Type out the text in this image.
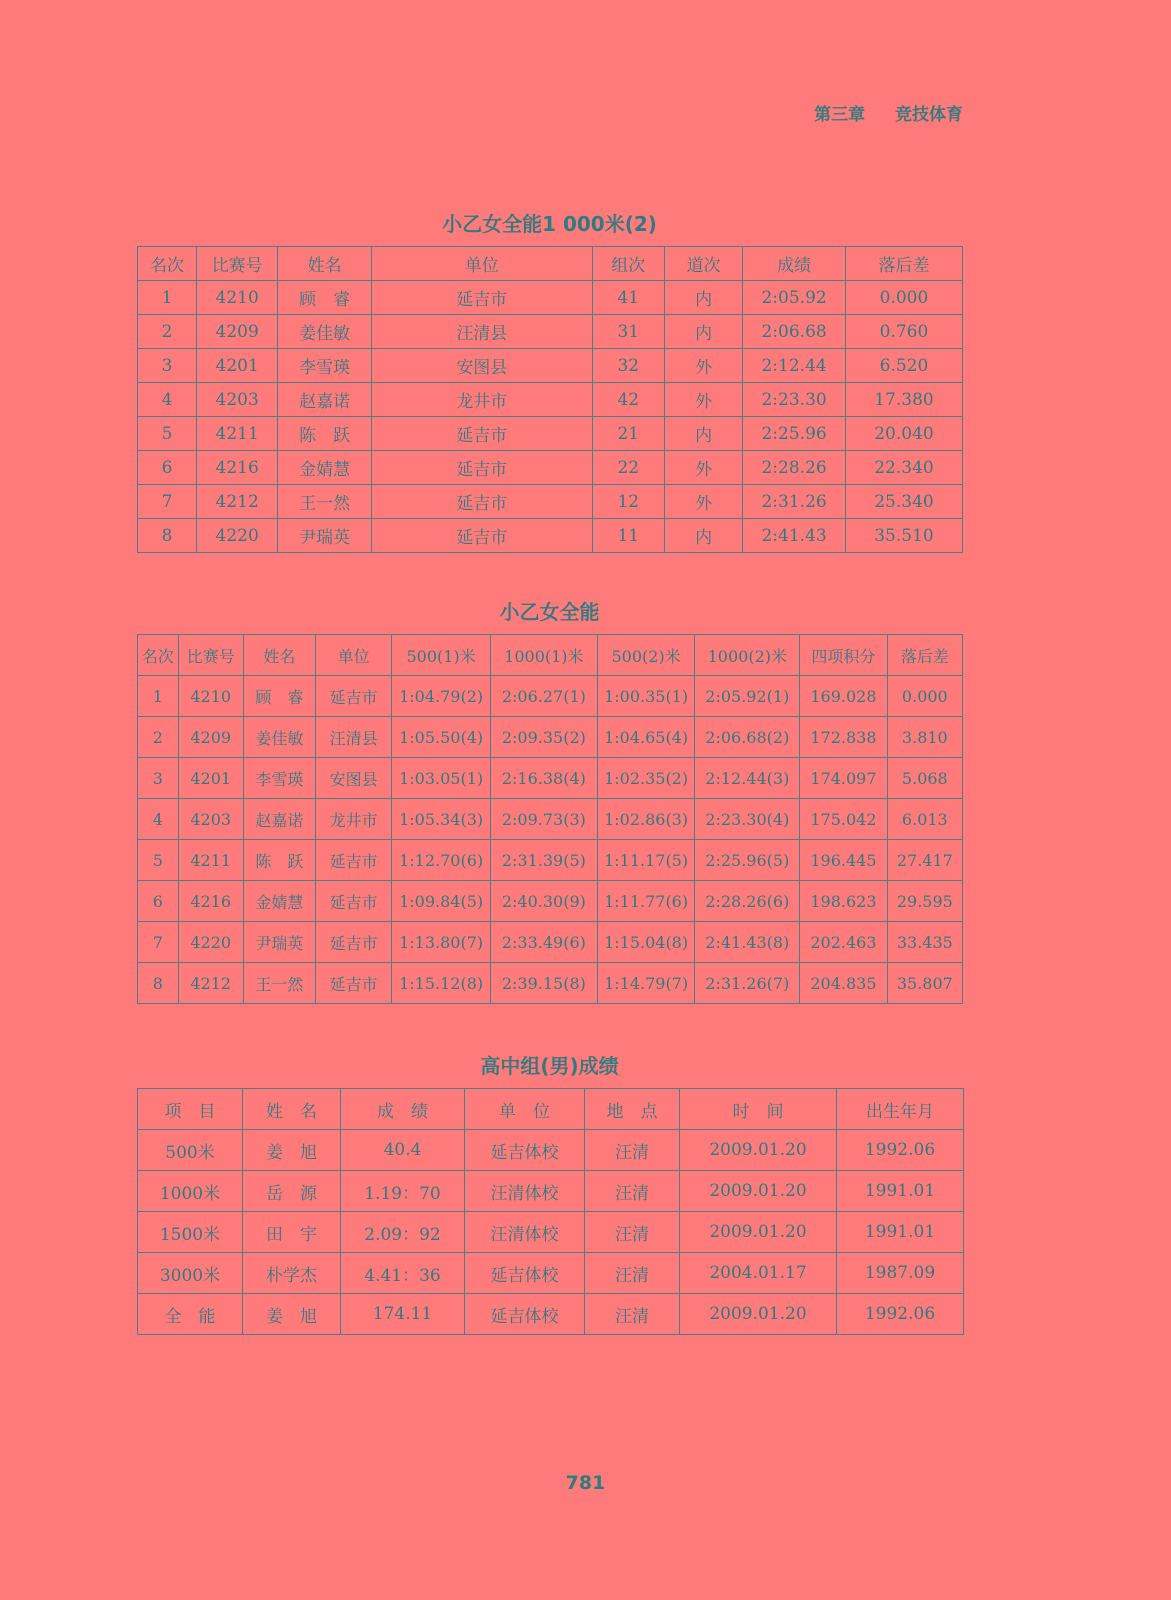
第三章 竞技体育
小乙女全能1 000米(2)
名次	比赛号	姓名	单位	组次	道次	成绩	落后差
1	4210	顾　睿	延吉市	41	内	2:05.92	0.000
2	4209	姜佳敏	汪清县	31	内	2:06.68	0.760
3	4201	李雪瑛	安图县	32	外	2:12.44	6.520
4	4203	赵嘉诺	龙井市	42	外	2:23.30	17.380
5	4211	陈　跃	延吉市	21	内	2:25.96	20.040
6	4216	金婧慧	延吉市	22	外	2:28.26	22.340
7	4212	王一然	延吉市	12	外	2:31.26	25.340
8	4220	尹瑞英	延吉市	11	内	2:41.43	35.510
小乙女全能
名次	比赛号	姓名	单位	500(1)米	1000(1)米	500(2)米	1000(2)米	四项积分	落后差
1	4210	顾　睿	延吉市	1:04.79(2)	2:06.27(1)	1:00.35(1)	2:05.92(1)	169.028	0.000
2	4209	姜佳敏	汪清县	1:05.50(4)	2:09.35(2)	1:04.65(4)	2:06.68(2)	172.838	3.810
3	4201	李雪瑛	安图县	1:03.05(1)	2:16.38(4)	1:02.35(2)	2:12.44(3)	174.097	5.068
4	4203	赵嘉诺	龙井市	1:05.34(3)	2:09.73(3)	1:02.86(3)	2:23.30(4)	175.042	6.013
5	4211	陈　跃	延吉市	1:12.70(6)	2:31.39(5)	1:11.17(5)	2:25.96(5)	196.445	27.417
6	4216	金婧慧	延吉市	1:09.84(5)	2:40.30(9)	1:11.77(6)	2:28.26(6)	198.623	29.595
7	4220	尹瑞英	延吉市	1:13.80(7)	2:33.49(6)	1:15.04(8)	2:41.43(8)	202.463	33.435
8	4212	王一然	延吉市	1:15.12(8)	2:39.15(8)	1:14.79(7)	2:31.26(7)	204.835	35.807
高中组(男)成绩
项　目	姓　名	成　绩	单　位	地　点	时　间	出生年月
500米	姜　旭	40.4	延吉体校	汪清	2009.01.20	1992.06
1000米	岳　源	1.19：70	汪清体校	汪清	2009.01.20	1991.01
1500米	田　宇	2.09：92	汪清体校	汪清	2009.01.20	1991.01
3000米	朴学杰	4.41：36	延吉体校	汪清	2004.01.17	1987.09
全　能	姜　旭	174.11	延吉体校	汪清	2009.01.20	1992.06
781
